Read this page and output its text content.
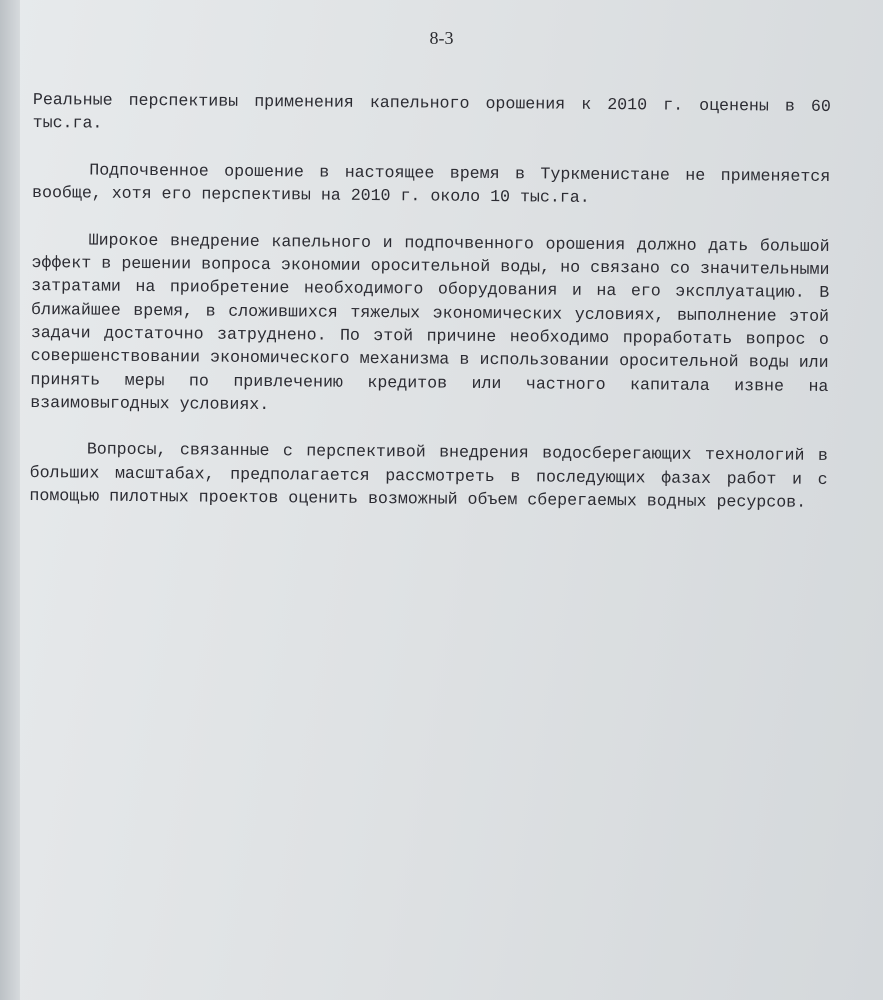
8-3

Реальные перспективы применения капельного орошения к 2010 г. оценены в 60 тыс.га.

Подпочвенное орошение в настоящее время в Туркменистане не применяется вообще, хотя его перспективы на 2010 г. около 10 тыс.га.

Широкое внедрение капельного и подпочвенного орошения должно дать большой эффект в решении вопроса экономии оросительной воды, но связано со значительными затратами на приобретение необходимого оборудования и на его эксплуатацию. В ближайшее время, в сложившихся тяжелых экономических условиях, выполнение этой задачи достаточно затруднено. По этой причине необходимо проработать вопрос о совершенствовании экономического механизма в использовании оросительной воды или принять меры по привлечению кредитов или частного капитала извне на взаимовыгодных условиях.

Вопросы, связанные с перспективой внедрения водосберегающих технологий в больших масштабах, предполагается рассмотреть в последующих фазах работ и с помощью пилотных проектов оценить возможный объем сберегаемых водных ресурсов.
